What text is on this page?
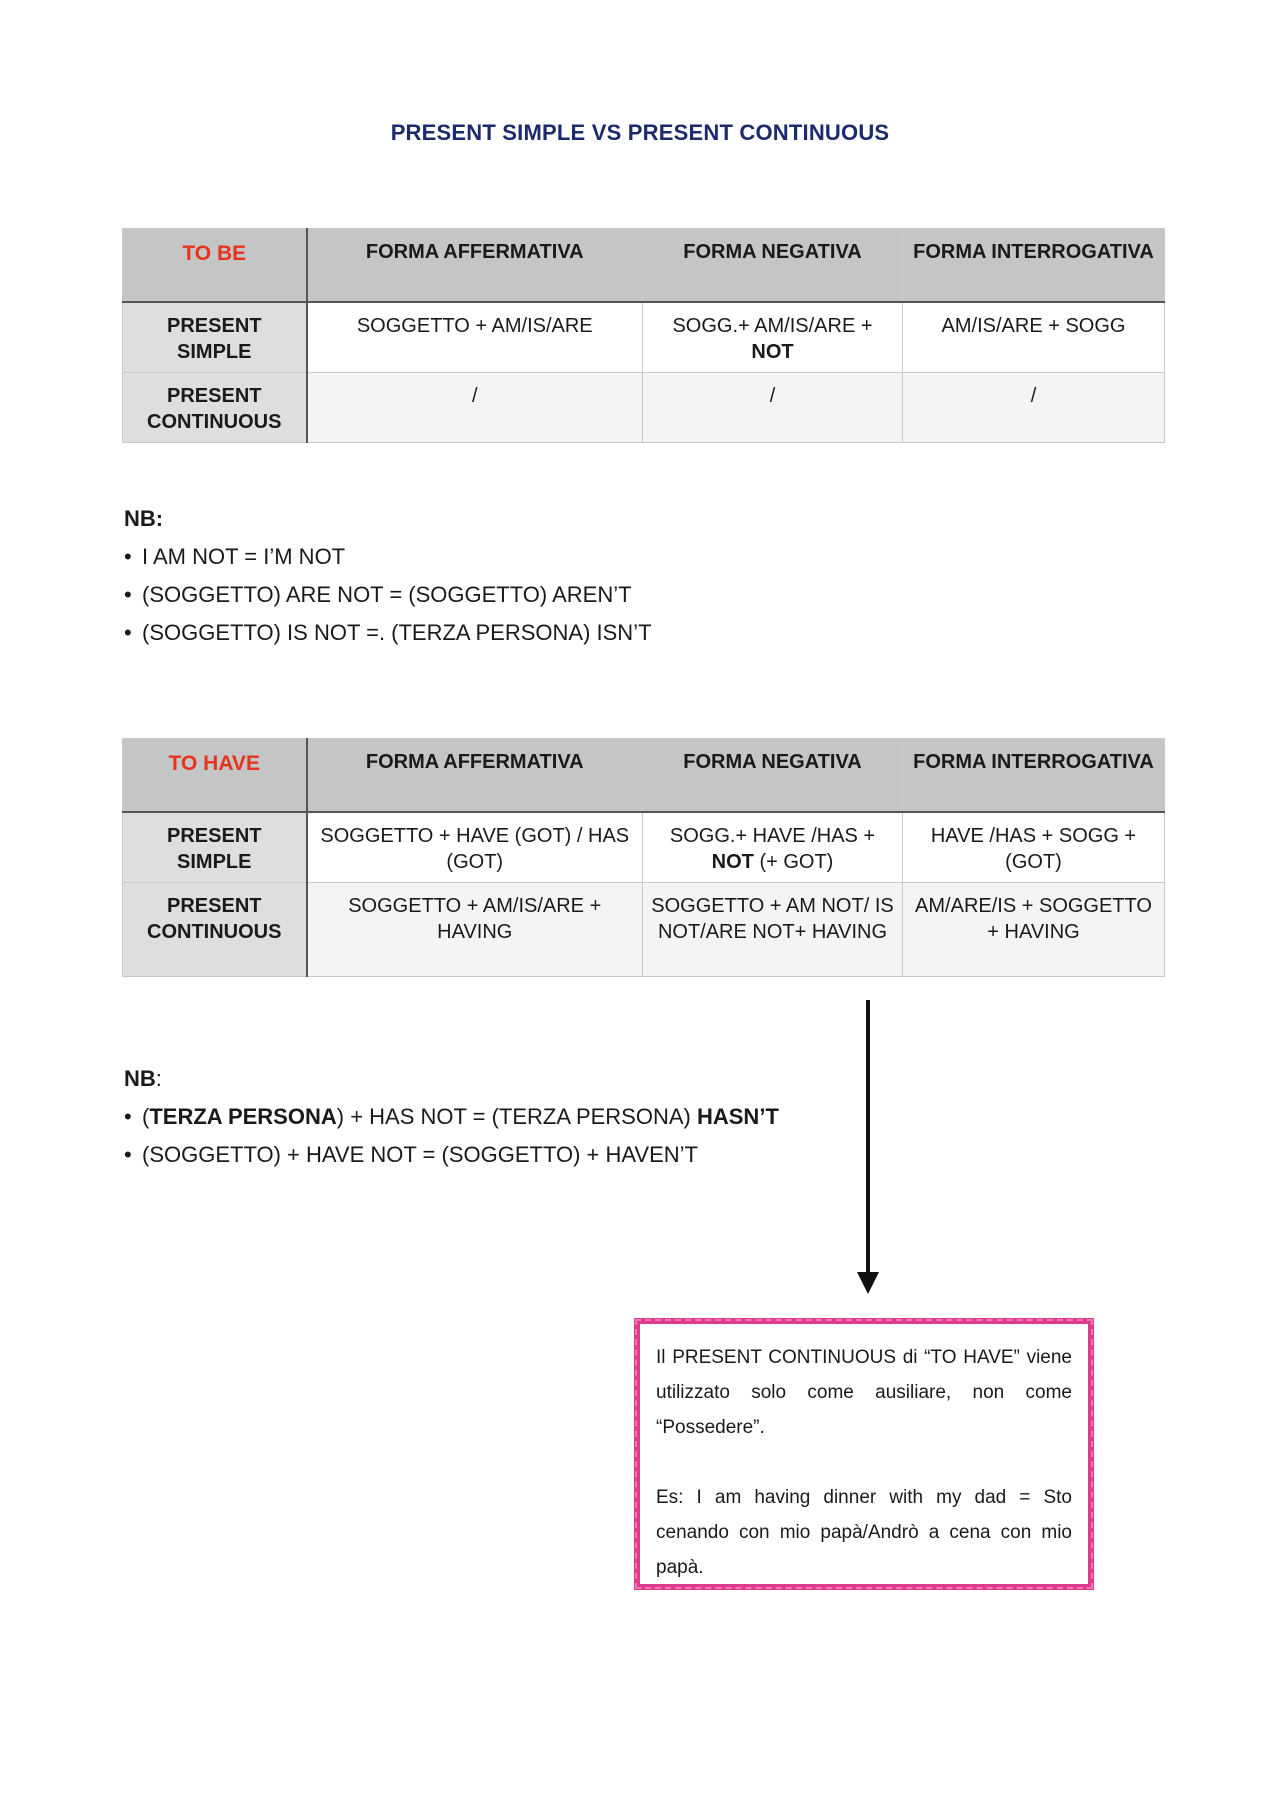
PRESENT SIMPLE VS PRESENT CONTINUOUS
TO BE	FORMA AFFERMATIVA	FORMA NEGATIVA	FORMA INTERROGATIVA
PRESENT SIMPLE	SOGGETTO + AM/IS/ARE	SOGG.+ AM/IS/ARE + NOT	AM/IS/ARE + SOGG
PRESENT CONTINUOUS	/	/	/
NB:
• I AM NOT = I’M NOT
• (SOGGETTO) ARE NOT = (SOGGETTO) AREN’T
• (SOGGETTO) IS NOT =. (TERZA PERSONA) ISN’T
TO HAVE	FORMA AFFERMATIVA	FORMA NEGATIVA	FORMA INTERROGATIVA
PRESENT SIMPLE	SOGGETTO + HAVE (GOT) / HAS (GOT)	SOGG.+ HAVE /HAS + NOT (+ GOT)	HAVE /HAS + SOGG + (GOT)
PRESENT CONTINUOUS	SOGGETTO + AM/IS/ARE + HAVING	SOGGETTO + AM NOT/ IS NOT/ARE NOT+ HAVING	AM/ARE/IS + SOGGETTO + HAVING
NB:
• (TERZA PERSONA) + HAS NOT = (TERZA PERSONA) HASN’T
• (SOGGETTO) + HAVE NOT = (SOGGETTO) + HAVEN’T

Il PRESENT CONTINUOUS di “TO HAVE” viene utilizzato solo come ausiliare, non come “Possedere”.

Es: I am having dinner with my dad = Sto cenando con mio papà/Andrò a cena con mio papà.
